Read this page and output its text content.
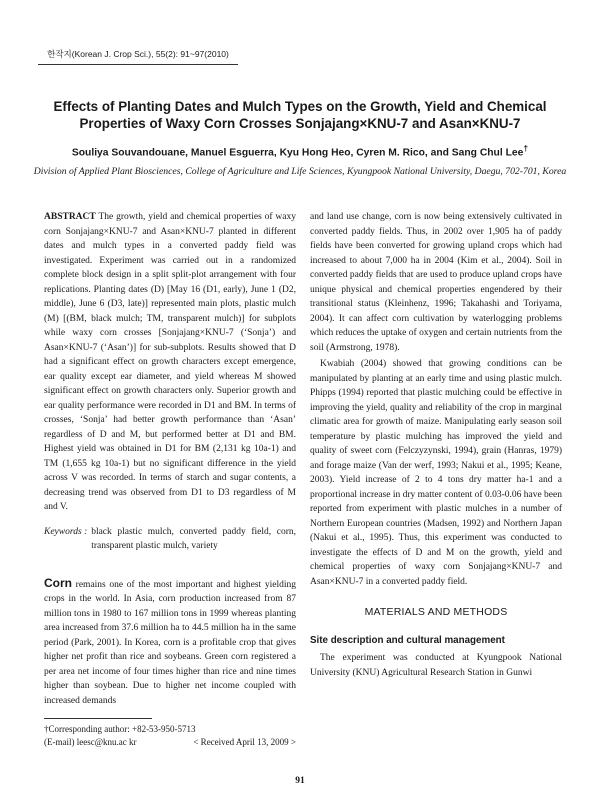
한작지(Korean J. Crop Sci.), 55(2): 91~97(2010)

Effects of Planting Dates and Mulch Types on the Growth, Yield and Chemical
Properties of Waxy Corn Crosses Sonjajang×KNU-7 and Asan×KNU-7

Souliya Souvandouane, Manuel Esguerra, Kyu Hong Heo, Cyren M. Rico, and Sang Chul Lee†
Division of Applied Plant Biosciences, College of Agriculture and Life Sciences, Kyungpook National University, Daegu, 702-701, Korea
ABSTRACT The growth, yield and chemical properties of waxy corn Sonjajang×KNU-7 and Asan×KNU-7 planted in different dates and mulch types in a converted paddy field was investigated. Experiment was carried out in a randomized complete block design in a split split-plot arrangement with four replications. Planting dates (D) [May 16 (D1, early), June 1 (D2, middle), June 6 (D3, late)] represented main plots, plastic mulch (M) [(BM, black mulch; TM, transparent mulch)] for subplots while waxy corn crosses [Sonjajang×KNU-7 (‘Sonja’) and Asan×KNU-7 (‘Asan’)] for sub-subplots. Results showed that D had a significant effect on growth characters except emergence, ear quality except ear diameter, and yield whereas M showed significant effect on growth characters only. Superior growth and ear quality performance were recorded in D1 and BM. In terms of crosses, ‘Sonja’ had better growth performance than ‘Asan’ regardless of D and M, but performed better at D1 and BM. Highest yield was obtained in D1 for BM (2,131 kg 10a-1) and TM (1,655 kg 10a-1) but no significant difference in the yield across V was recorded. In terms of starch and sugar contents, a decreasing trend was observed from D1 to D3 regardless of M and V.
Keywords : black plastic mulch, converted paddy field, corn, transparent plastic mulch, variety

Corn remains one of the most important and highest yielding crops in the world. In Asia, corn production increased from 87 million tons in 1980 to 167 million tons in 1999 whereas planting area increased from 37.6 million ha to 44.5 million ha in the same period (Park, 2001). In Korea, corn is a profitable crop that gives higher net profit than rice and soybeans. Green corn registered a per area net income of four times higher than rice and nine times higher than soybean. Due to higher net income coupled with increased demands

and land use change, corn is now being extensively cultivated in converted paddy fields. Thus, in 2002 over 1,905 ha of paddy fields have been converted for growing upland crops which had increased to about 7,000 ha in 2004 (Kim et al., 2004). Soil in converted paddy fields that are used to produce upland crops have unique physical and chemical properties engendered by their transitional status (Kleinhenz, 1996; Takahashi and Toriyama, 2004). It can affect corn cultivation by waterlogging problems which reduces the uptake of oxygen and certain nutrients from the soil (Armstrong, 1978).

Kwabiah (2004) showed that growing conditions can be manipulated by planting at an early time and using plastic mulch. Phipps (1994) reported that plastic mulching could be effective in improving the yield, quality and reliability of the crop in marginal climatic area for growth of maize. Manipulating early season soil temperature by plastic mulching has improved the yield and quality of sweet corn (Felczyzynski, 1994), grain (Hanras, 1979) and forage maize (Van der werf, 1993; Nakui et al., 1995; Keane, 2003). Yield increase of 2 to 4 tons dry matter ha-1 and a proportional increase in dry matter content of 0.03-0.06 have been reported from experiment with plastic mulches in a number of Northern European countries (Madsen, 1992) and Northern Japan (Nakui et al., 1995). Thus, this experiment was conducted to investigate the effects of D and M on the growth, yield and chemical properties of waxy corn Sonjajang×KNU-7 and Asan×KNU-7 in a converted paddy field.

MATERIALS AND METHODS
Site description and cultural management

The experiment was conducted at Kyungpook National University (KNU) Agricultural Research Station in Gunwi

†Corresponding author: +82-53-950-5713
(E-mail) leesc@knu.ac kr	< Received April 13, 2009 >
91
